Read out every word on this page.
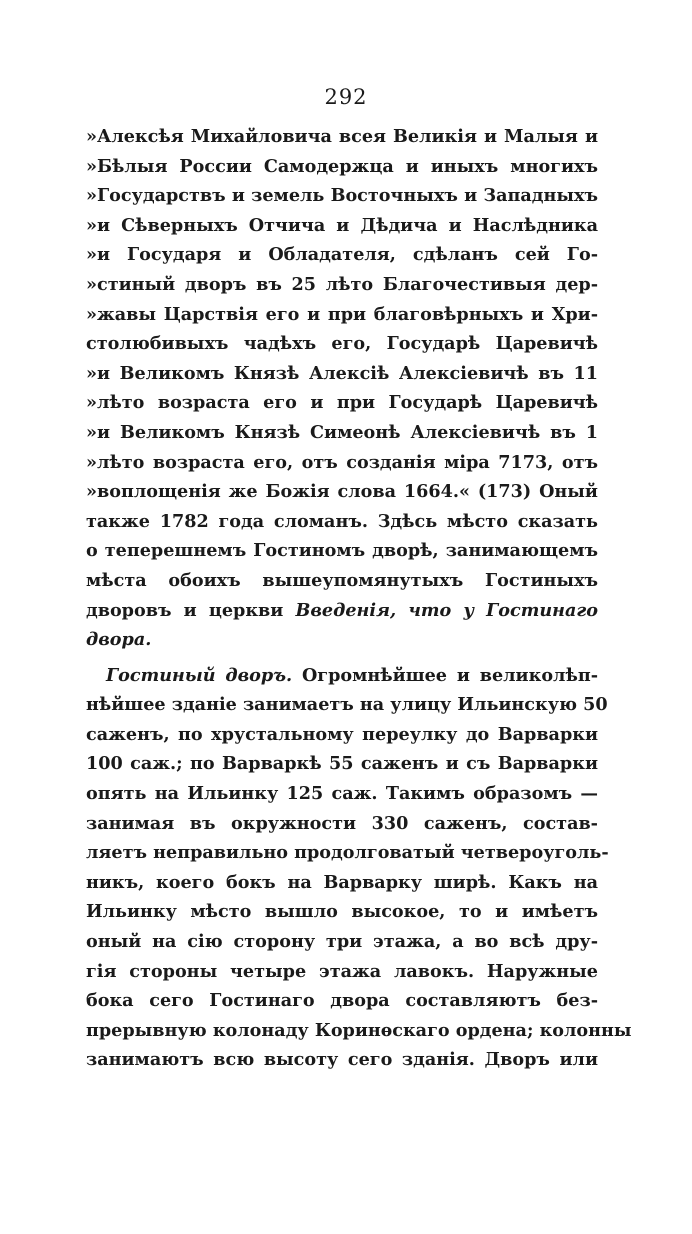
292
»Алексѣя Михайловича всея Великія и Малыя и
»Бѣлыя России Самодержца и иныхъ многихъ
»Государствъ и земель Восточныхъ и Западныхъ
»и Сѣверныхъ Отчича и Дѣдича и Наслѣдника
»и Государя и Обладателя, сдѣланъ сей Го-
»стиный дворъ въ 25 лѣто Благочестивыя дер-
»жавы Царствія его и при благовѣрныхъ и Хри-
столюбивыхъ чадѣхъ его, Государѣ Царевичѣ
»и Великомъ Князѣ Алексіѣ Алексіевичѣ въ 11
»лѣто возраста его и при Государѣ Царевичѣ
»и Великомъ Князѣ Симеонѣ Алексіевичѣ въ 1
»лѣто возраста его, отъ созданія міра 7173, отъ
»воплощенія же Божія слова 1664.« (173) Оный
также 1782 года сломанъ. Здѣсь мѣсто сказать
о теперешнемъ Гостиномъ дворѣ, занимающемъ
мѣста обоихъ вышеупомянутыхъ Гостиныхъ
дворовъ и церкви Введенія, что у Гостинаго
двора.
Гостиный дворъ. Огромнѣйшее и великолѣп-
нѣйшее зданіе занимаетъ на улицу Ильинскую 50
саженъ, по хрустальному переулку до Варварки
100 саж.; по Варваркѣ 55 саженъ и съ Варварки
опять на Ильинку 125 саж. Такимъ образомъ —
занимая въ окружности 330 саженъ, состав-
ляетъ неправильно продолговатый четвероуголь-
никъ, коего бокъ на Варварку ширѣ. Какъ на
Ильинку мѣсто вышло высокое, то и имѣетъ
оный на сію сторону три этажа, а во всѣ дру-
гія стороны четыре этажа лавокъ. Наружные
бока сего Гостинаго двора составляютъ без-
прерывную колонаду Коринѳскаго ордена; колонны
занимаютъ всю высоту сего зданія. Дворъ или
